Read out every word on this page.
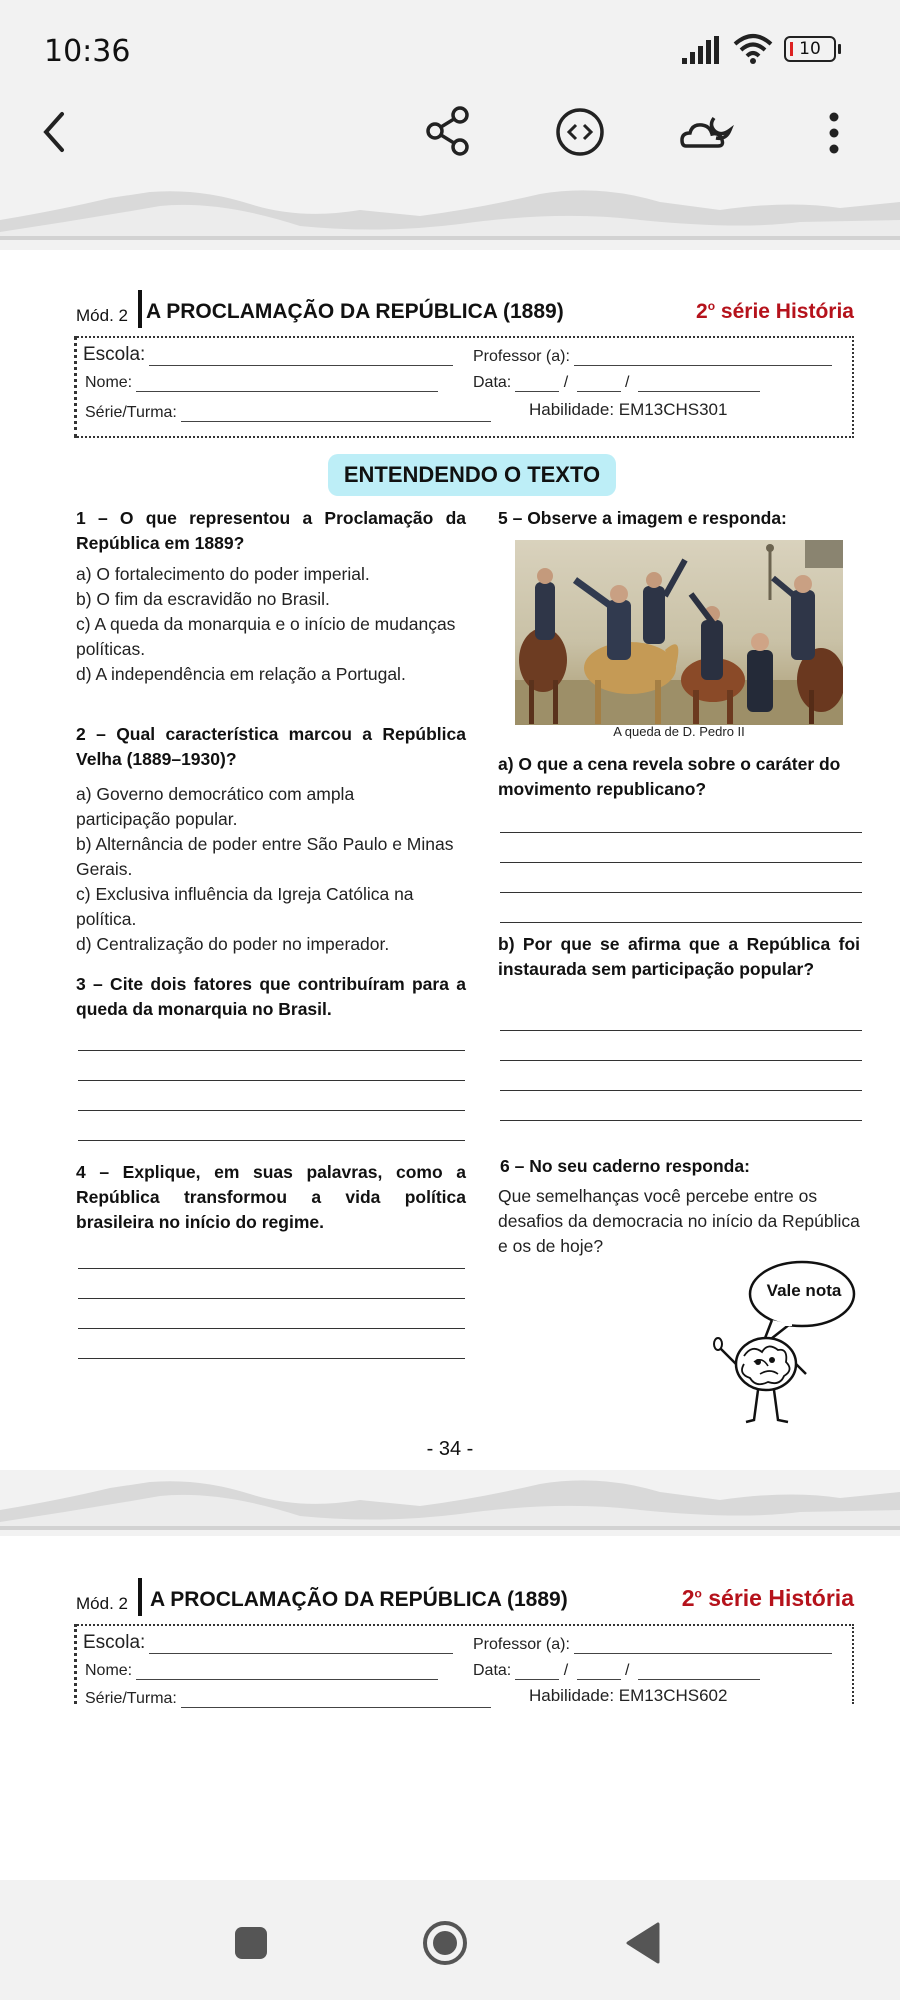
10:36	10
Mód. 2 A PROCLAMAÇÃO DA REPÚBLICA (1889)	2$^o$ série História
Escola:	Professor (a):
Nome:	Data:	/	/
Série/Turma:	Habilidade: EM13CHS301
ENTENDENDO O TEXTO
1 – O que representou a Proclamação da República em 1889?
a) O fortalecimento do poder imperial.
b) O fim da escravidão no Brasil.
c) A queda da monarquia e o início de mudanças políticas.
d) A independência em relação a Portugal.
2 – Qual característica marcou a República Velha (1889–1930)?
a) Governo democrático com ampla participação popular.
b) Alternância de poder entre São Paulo e Minas Gerais.
c) Exclusiva influência da Igreja Católica na política.
d) Centralização do poder no imperador.
3 – Cite dois fatores que contribuíram para a queda da monarquia no Brasil.
4 – Explique, em suas palavras, como a República transformou a vida política brasileira no início do regime.
5 – Observe a imagem e responda:
A queda de D. Pedro II
a) O que a cena revela sobre o caráter do movimento republicano?
b) Por que se afirma que a República foi instaurada sem participação popular?
6 – No seu caderno responda:
Que semelhanças você percebe entre os desafios da democracia no início da República e os de hoje?
Vale nota
- 34 -
Mód. 2 A PROCLAMAÇÃO DA REPÚBLICA (1889)	2$^o$ série História
Escola:	Professor (a):
Nome:	Data:	/	/
Série/Turma:	Habilidade: EM13CHS602
